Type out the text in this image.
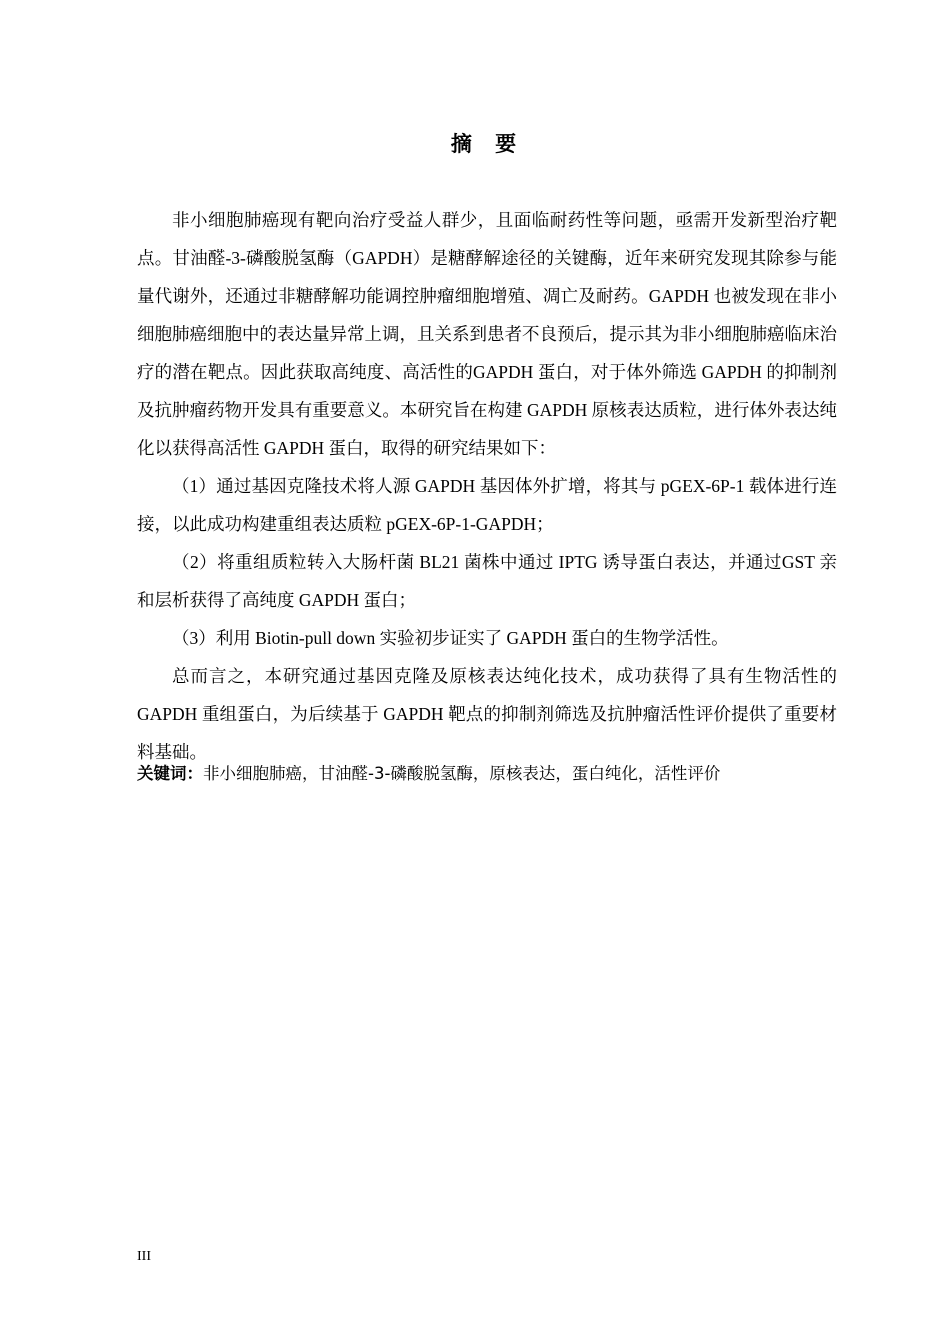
摘 要

非小细胞肺癌现有靶向治疗受益人群少，且面临耐药性等问题，亟需开发新型治疗靶点。甘油醛-3-磷酸脱氢酶（GAPDH）是糖酵解途径的关键酶，近年来研究发现其除参与能量代谢外，还通过非糖酵解功能调控肿瘤细胞增殖、凋亡及耐药。GAPDH 也被发现在非小细胞肺癌细胞中的表达量异常上调，且关系到患者不良预后，提示其为非小细胞肺癌临床治疗的潜在靶点。因此获取高纯度、高活性的GAPDH 蛋白，对于体外筛选 GAPDH 的抑制剂及抗肿瘤药物开发具有重要意义。本研究旨在构建 GAPDH 原核表达质粒，进行体外表达纯化以获得高活性 GAPDH 蛋白，取得的研究结果如下：

（1）通过基因克隆技术将人源 GAPDH 基因体外扩增，将其与 pGEX-6P-1 载体进行连接，以此成功构建重组表达质粒 pGEX-6P-1-GAPDH；

（2）将重组质粒转入大肠杆菌 BL21 菌株中通过 IPTG 诱导蛋白表达，并通过GST 亲和层析获得了高纯度 GAPDH 蛋白；

（3）利用 Biotin-pull down 实验初步证实了 GAPDH 蛋白的生物学活性。

总而言之，本研究通过基因克隆及原核表达纯化技术，成功获得了具有生物活性的 GAPDH 重组蛋白，为后续基于 GAPDH 靶点的抑制剂筛选及抗肿瘤活性评价提供了重要材料基础。

关键词：非小细胞肺癌，甘油醛-3-磷酸脱氢酶，原核表达，蛋白纯化，活性评价

III
